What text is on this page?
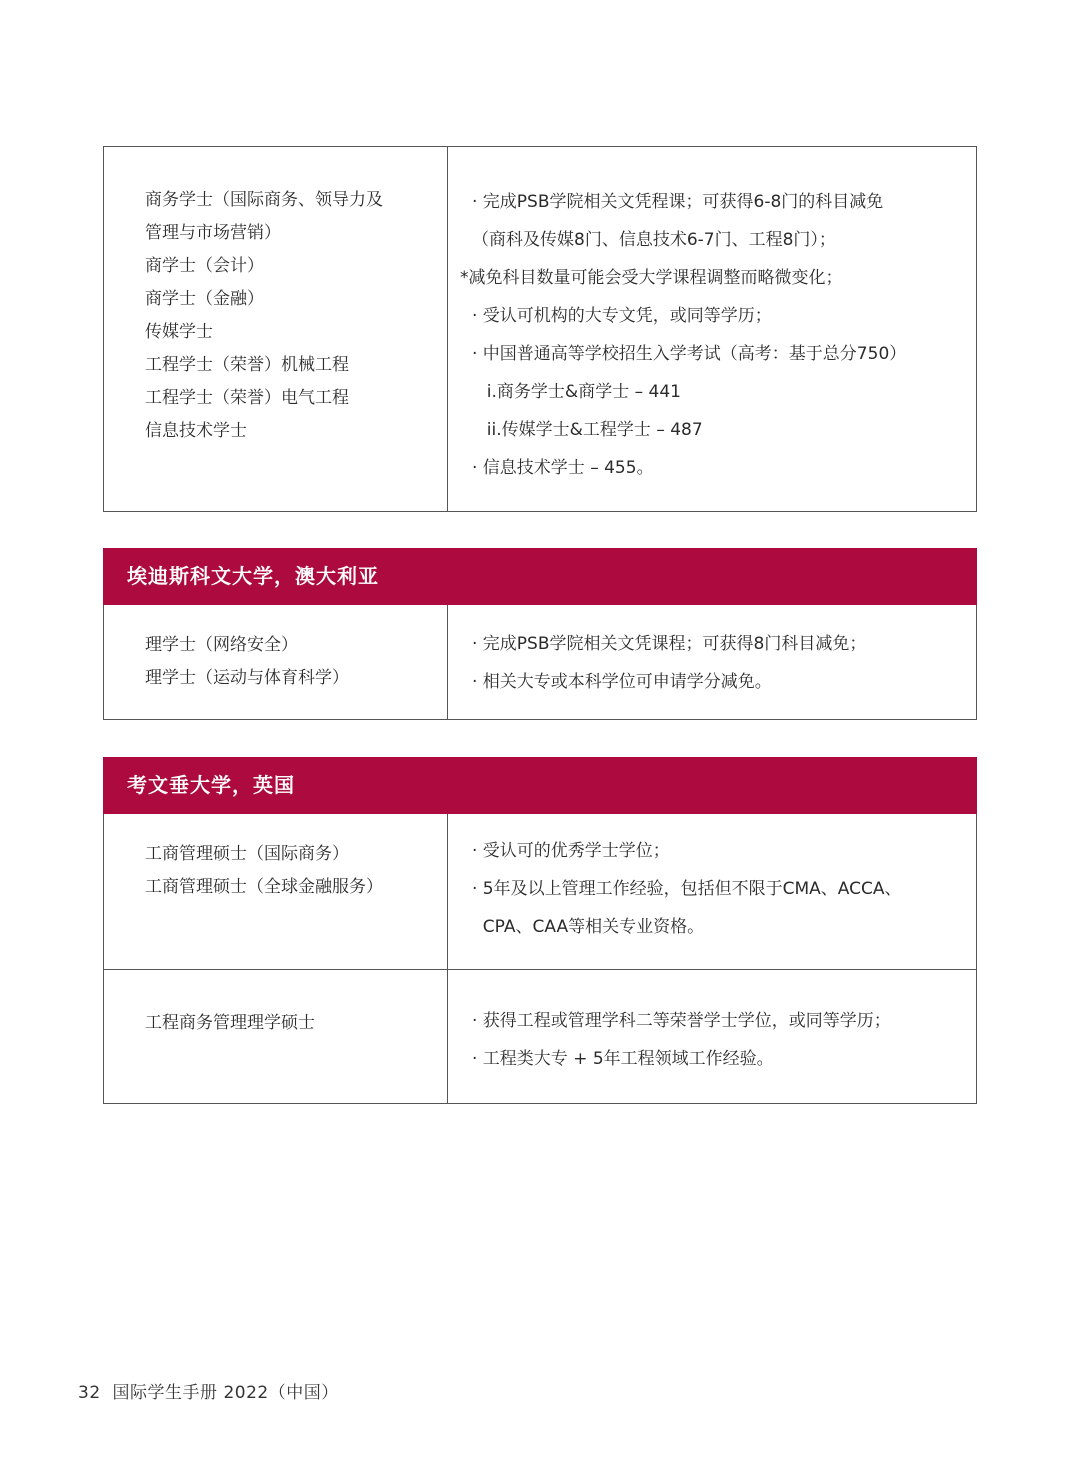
商务学士（国际商务、领导力及
管理与市场营销）
商学士（会计）
商学士（金融）
传媒学士
工程学士（荣誉）机械工程
工程学士（荣誉）电气工程
信息技术学士
· 完成PSB学院相关文凭程课；可获得6-8门的科目减免
（商科及传媒8门、信息技术6-7门、工程8门）；
*减免科目数量可能会受大学课程调整而略微变化；
· 受认可机构的大专文凭，或同等学历；
· 中国普通高等学校招生入学考试（高考：基于总分750）
i.商务学士&商学士 – 441
ii.传媒学士&工程学士 – 487
· 信息技术学士 – 455。
埃迪斯科文大学，澳大利亚
理学士（网络安全）
理学士（运动与体育科学）
· 完成PSB学院相关文凭课程；可获得8门科目减免；
· 相关大专或本科学位可申请学分减免。
考文垂大学，英国
工商管理硕士（国际商务）
工商管理硕士（全球金融服务）
· 受认可的优秀学士学位；
· 5年及以上管理工作经验，包括但不限于CMA、ACCA、
CPA、CAA等相关专业资格。
工程商务管理理学硕士	· 获得工程或管理学科二等荣誉学士学位，或同等学历；
· 工程类大专 + 5年工程领域工作经验。
32 国际学生手册 2022（中国）
